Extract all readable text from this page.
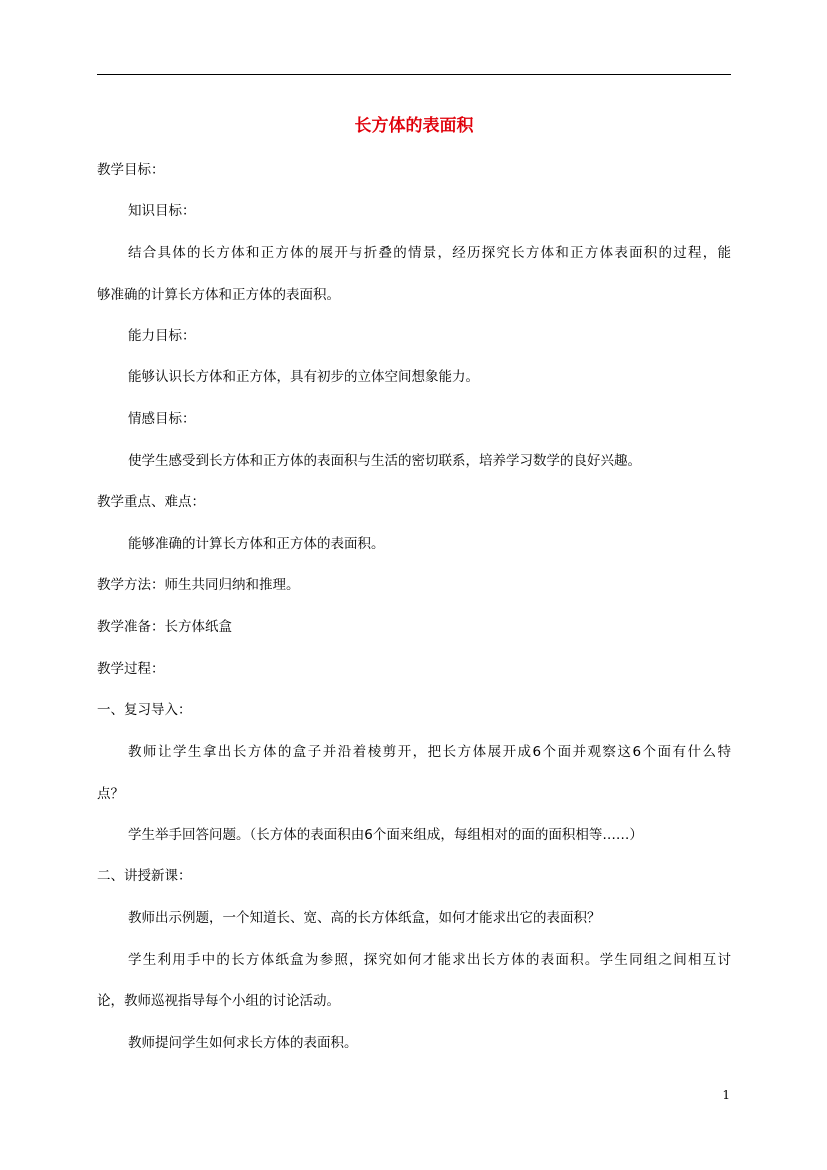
长方体的表面积
教学目标：
知识目标：
结合具体的长方体和正方体的展开与折叠的情景，经历探究长方体和正方体表面积的过程，能
够准确的计算长方体和正方体的表面积。
能力目标：
能够认识长方体和正方体，具有初步的立体空间想象能力。
情感目标：
使学生感受到长方体和正方体的表面积与生活的密切联系，培养学习数学的良好兴趣。
教学重点、难点：
能够准确的计算长方体和正方体的表面积。
教学方法：师生共同归纳和推理。
教学准备：长方体纸盒
教学过程：
一、复习导入：
教师让学生拿出长方体的盒子并沿着棱剪开，把长方体展开成6个面并观察这6个面有什么特
点？
学生举手回答问题。（长方体的表面积由6个面来组成，每组相对的面的面积相等……）
二、讲授新课：
教师出示例题，一个知道长、宽、高的长方体纸盒，如何才能求出它的表面积？
学生利用手中的长方体纸盒为参照，探究如何才能求出长方体的表面积。学生同组之间相互讨
论，教师巡视指导每个小组的讨论活动。
教师提问学生如何求长方体的表面积。
1
